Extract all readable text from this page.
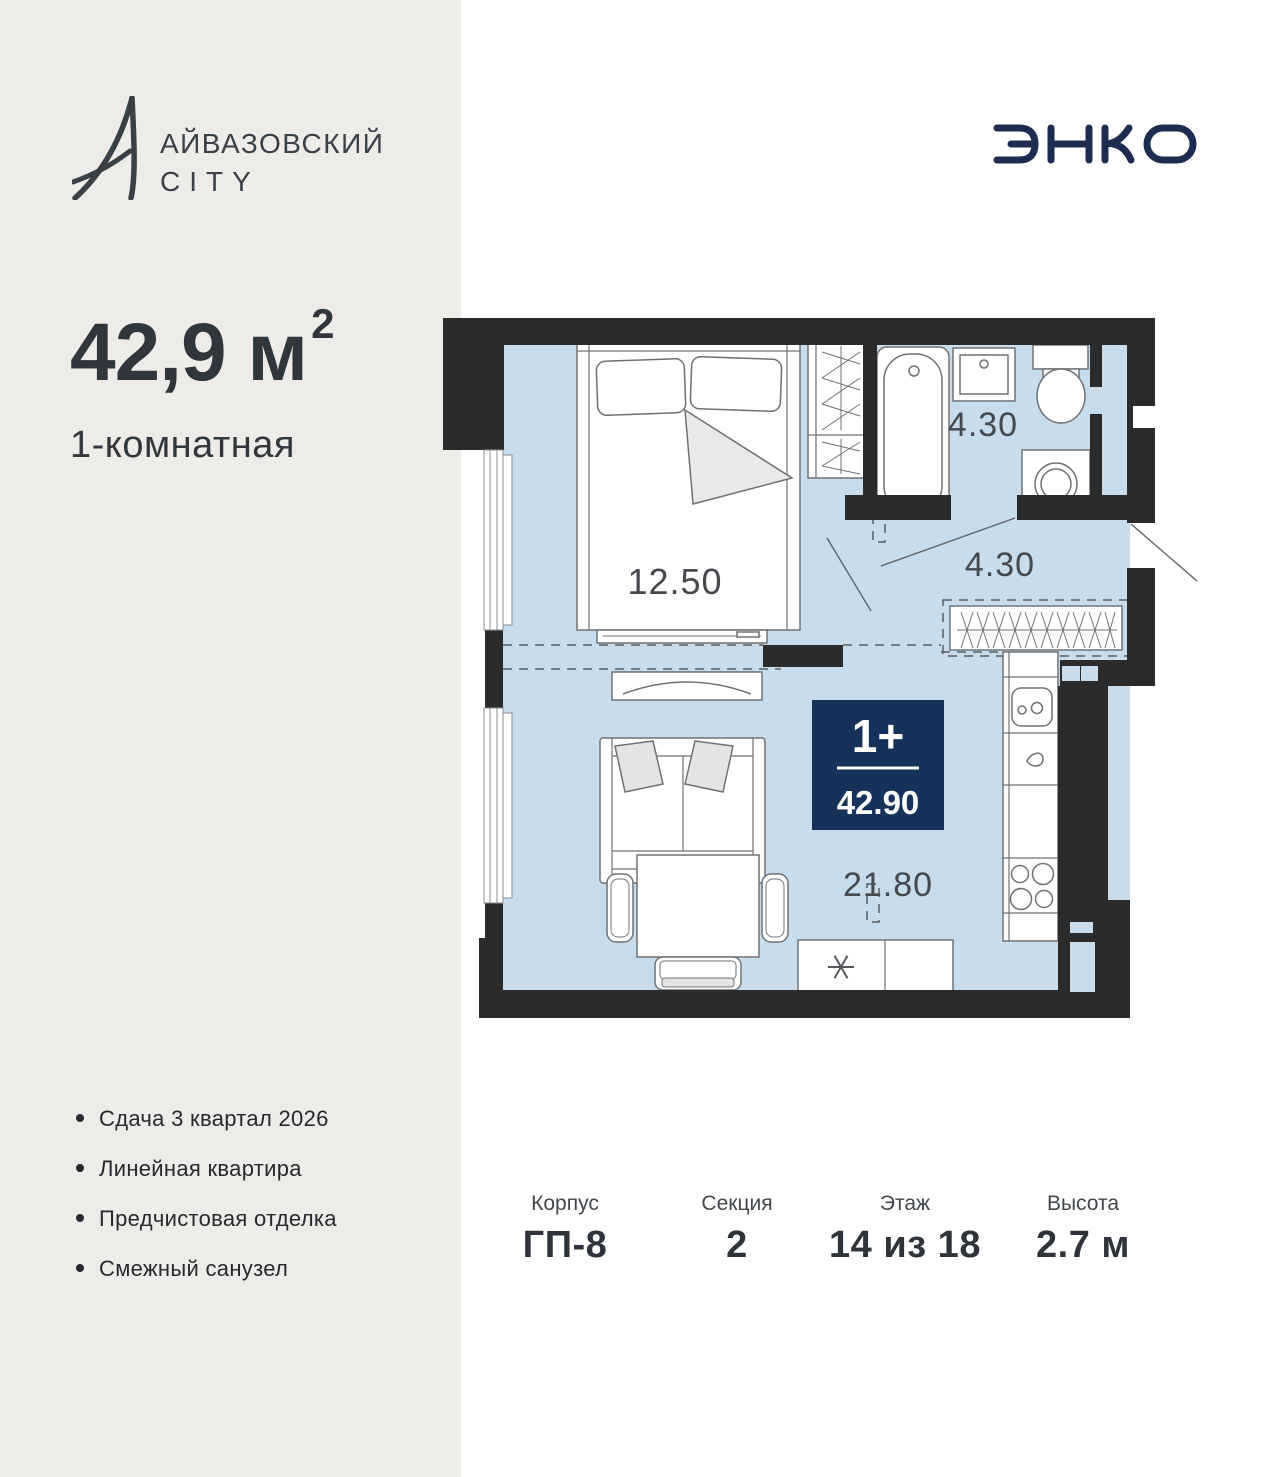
АЙВАЗОВСКИЙ
CITY
42,9 $м^2$
1-комнатная
12.50
4.30
4.30
21.80
1+
42.90
Сдача 3 квартал 2026
Линейная квартира
Предчистовая отделка
Смежный санузел
Корпус
ГП-8
Секция
2
Этаж
14 из 18
Высота
2.7 м
